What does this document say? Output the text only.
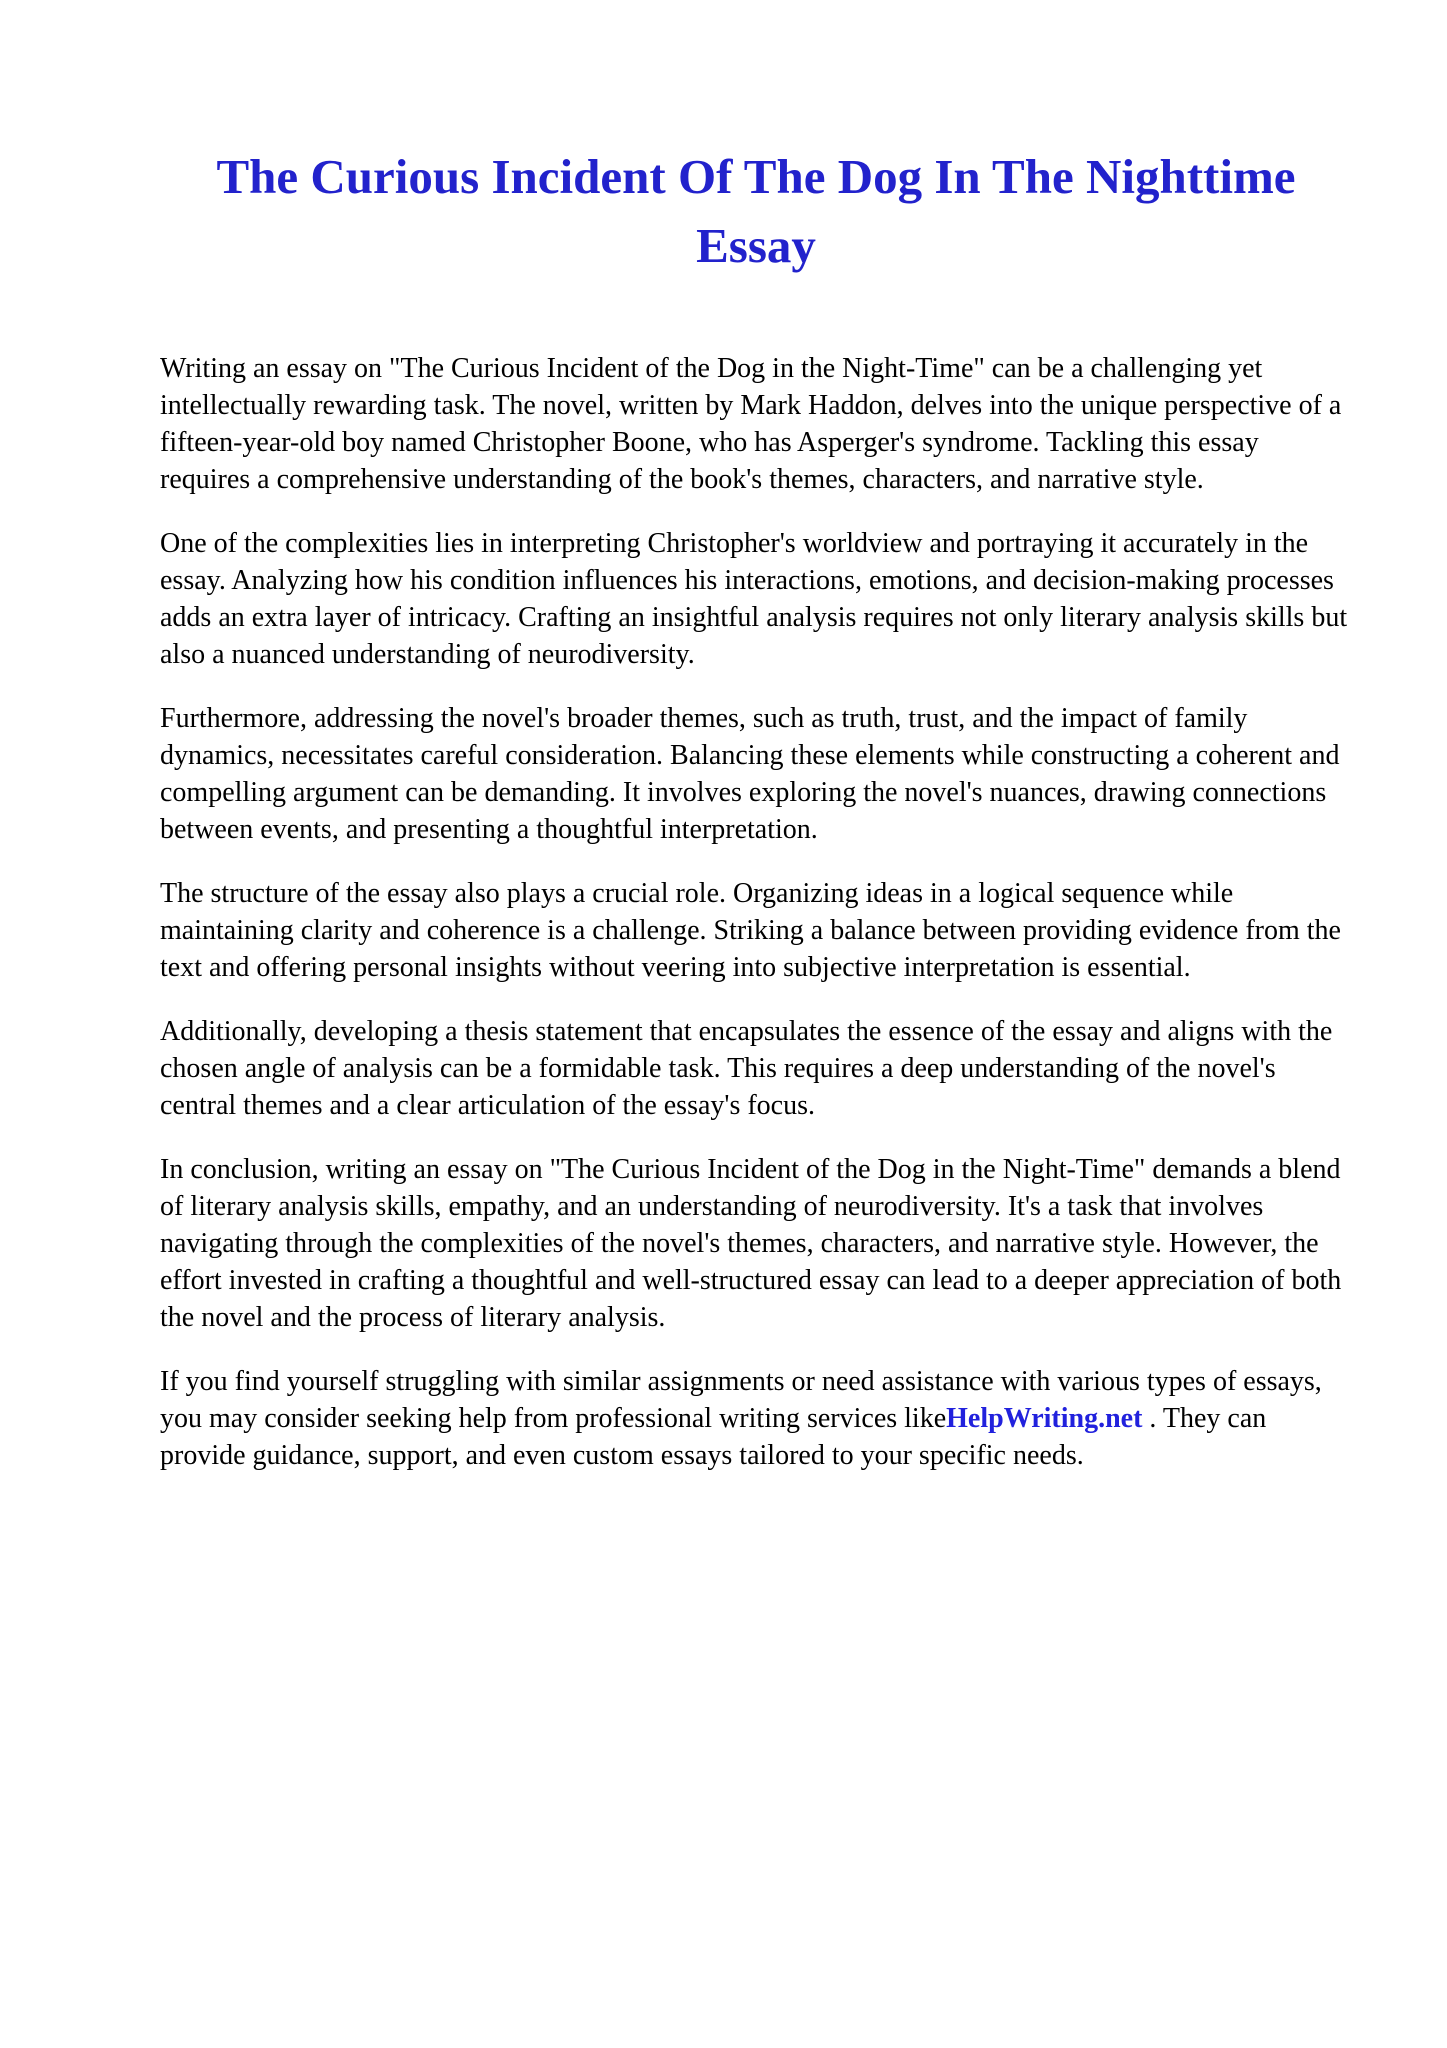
The Curious Incident Of The Dog In The Nighttime Essay

Writing an essay on "The Curious Incident of the Dog in the Night-Time" can be a challenging yet intellectually rewarding task. The novel, written by Mark Haddon, delves into the unique perspective of a fifteen-year-old boy named Christopher Boone, who has Asperger's syndrome. Tackling this essay requires a comprehensive understanding of the book's themes, characters, and narrative style.

One of the complexities lies in interpreting Christopher's worldview and portraying it accurately in the essay. Analyzing how his condition influences his interactions, emotions, and decision-making processes adds an extra layer of intricacy. Crafting an insightful analysis requires not only literary analysis skills but also a nuanced understanding of neurodiversity.

Furthermore, addressing the novel's broader themes, such as truth, trust, and the impact of family dynamics, necessitates careful consideration. Balancing these elements while constructing a coherent and compelling argument can be demanding. It involves exploring the novel's nuances, drawing connections between events, and presenting a thoughtful interpretation.

The structure of the essay also plays a crucial role. Organizing ideas in a logical sequence while maintaining clarity and coherence is a challenge. Striking a balance between providing evidence from the text and offering personal insights without veering into subjective interpretation is essential.

Additionally, developing a thesis statement that encapsulates the essence of the essay and aligns with the chosen angle of analysis can be a formidable task. This requires a deep understanding of the novel's central themes and a clear articulation of the essay's focus.

In conclusion, writing an essay on "The Curious Incident of the Dog in the Night-Time" demands a blend of literary analysis skills, empathy, and an understanding of neurodiversity. It's a task that involves navigating through the complexities of the novel's themes, characters, and narrative style. However, the effort invested in crafting a thoughtful and well-structured essay can lead to a deeper appreciation of both the novel and the process of literary analysis.

If you find yourself struggling with similar assignments or need assistance with various types of essays, you may consider seeking help from professional writing services likeHelpWriting.net . They can provide guidance, support, and even custom essays tailored to your specific needs.
